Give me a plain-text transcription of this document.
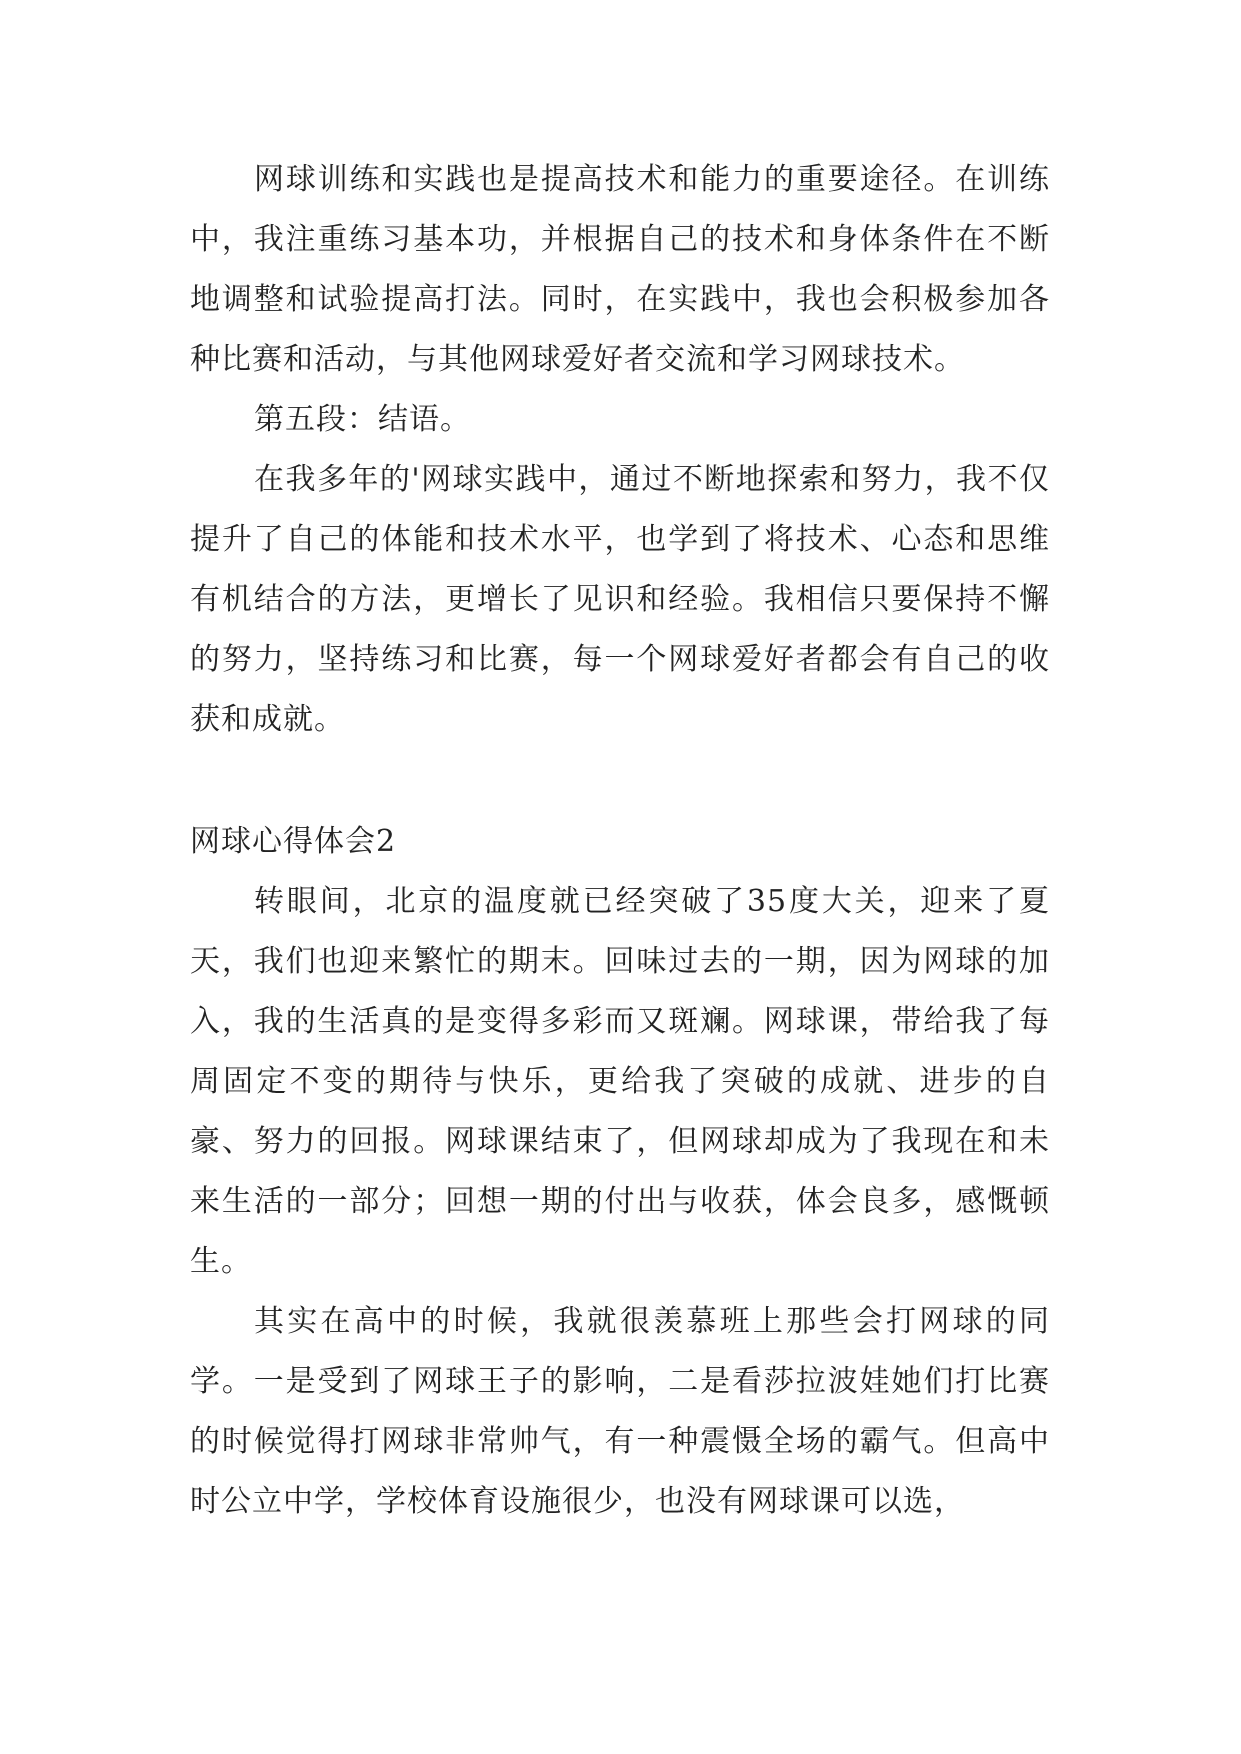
网球训练和实践也是提高技术和能力的重要途径。在训练中，我注重练习基本功，并根据自己的技术和身体条件在不断地调整和试验提高打法。同时，在实践中，我也会积极参加各种比赛和活动，与其他网球爱好者交流和学习网球技术。

第五段：结语。

在我多年的'网球实践中，通过不断地探索和努力，我不仅提升了自己的体能和技术水平，也学到了将技术、心态和思维有机结合的方法，更增长了见识和经验。我相信只要保持不懈的努力，坚持练习和比赛，每一个网球爱好者都会有自己的收获和成就。

网球心得体会2

转眼间，北京的温度就已经突破了35度大关，迎来了夏天，我们也迎来繁忙的期末。回味过去的一期，因为网球的加入，我的生活真的是变得多彩而又斑斓。网球课，带给我了每周固定不变的期待与快乐，更给我了突破的成就、进步的自豪、努力的回报。网球课结束了，但网球却成为了我现在和未来生活的一部分；回想一期的付出与收获，体会良多，感慨顿生。

其实在高中的时候，我就很羡慕班上那些会打网球的同学。一是受到了网球王子的影响，二是看莎拉波娃她们打比赛的时候觉得打网球非常帅气，有一种震慑全场的霸气。但高中时公立中学，学校体育设施很少，也没有网球课可以选，
